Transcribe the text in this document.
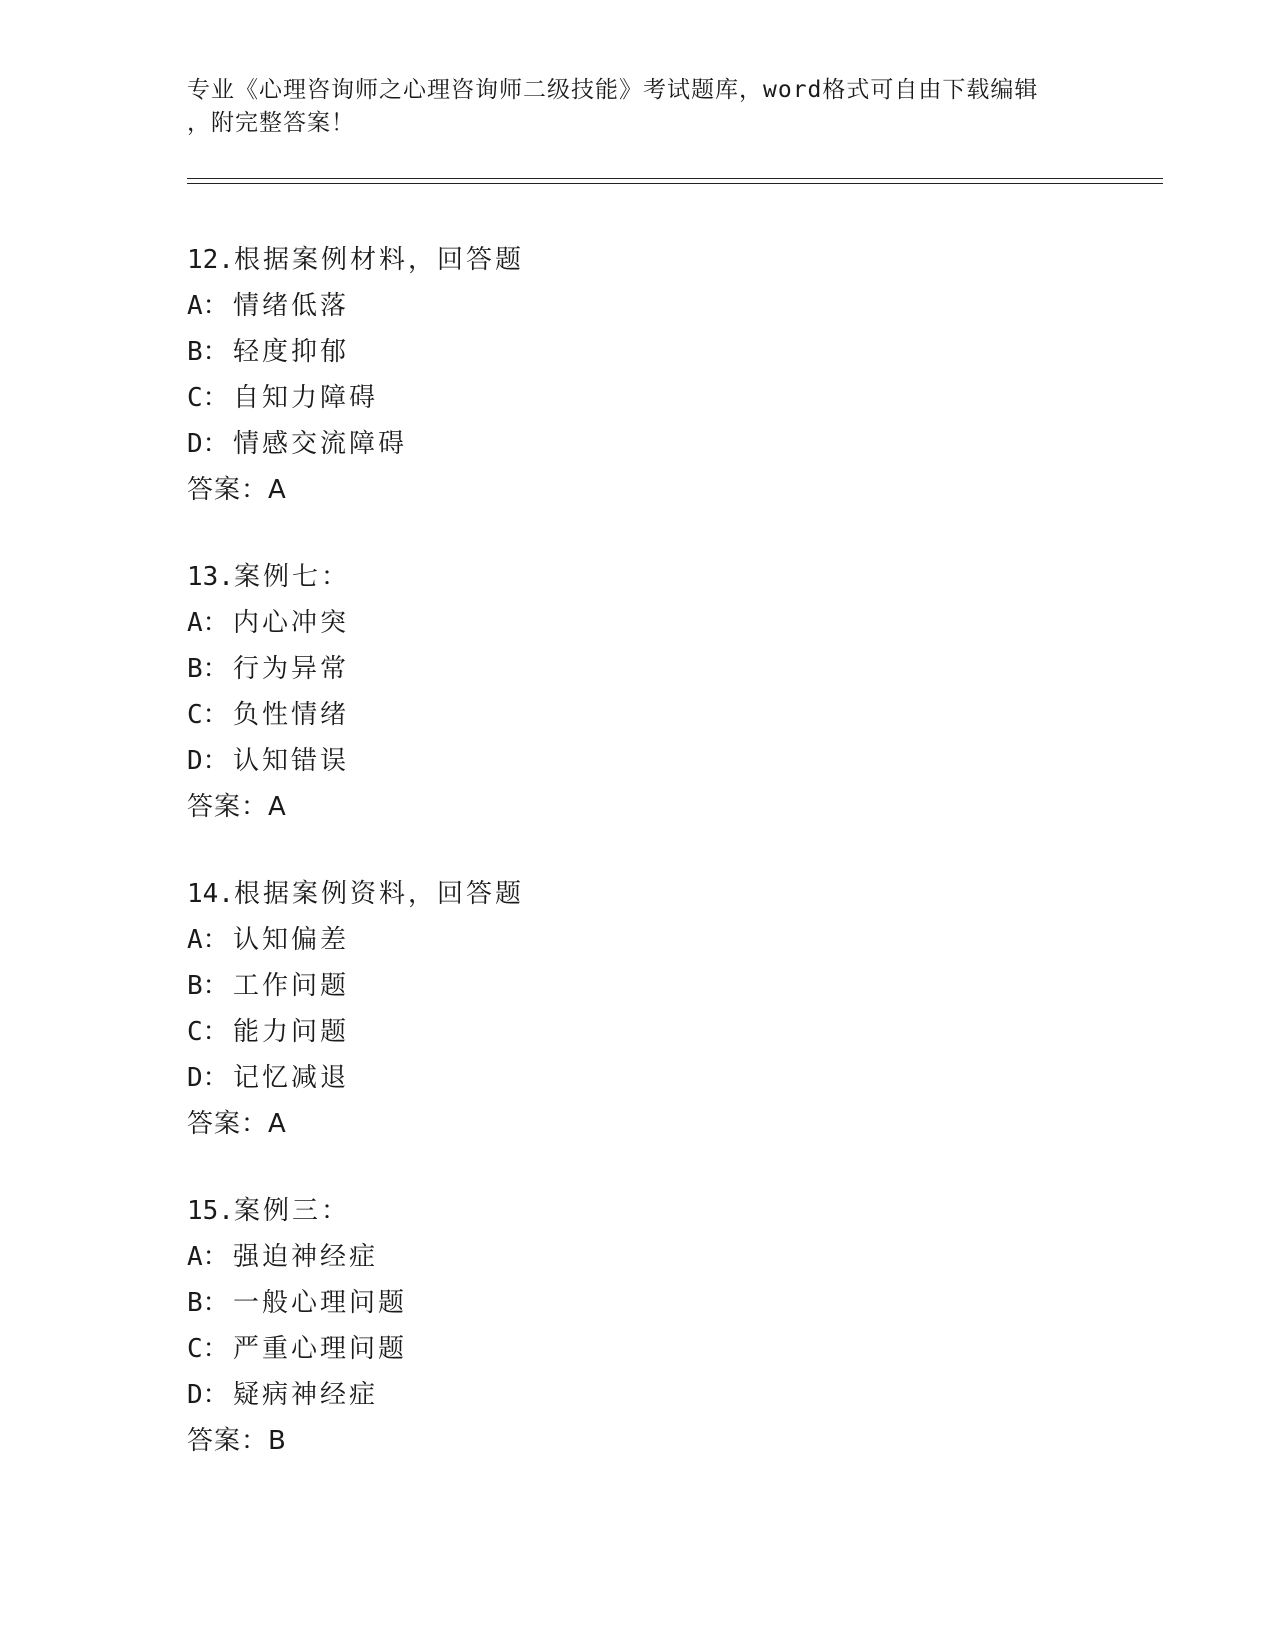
专业《心理咨询师之心理咨询师二级技能》考试题库，word格式可自由下载编辑
，附完整答案！
12.根据案例材料，回答题
A： 情绪低落
B： 轻度抑郁
C： 自知力障碍
D： 情感交流障碍
答案：A
13.案例七：
A： 内心冲突
B： 行为异常
C： 负性情绪
D： 认知错误
答案：A
14.根据案例资料，回答题
A： 认知偏差
B： 工作问题
C： 能力问题
D： 记忆减退
答案：A
15.案例三：
A： 强迫神经症
B： 一般心理问题
C： 严重心理问题
D： 疑病神经症
答案：B
